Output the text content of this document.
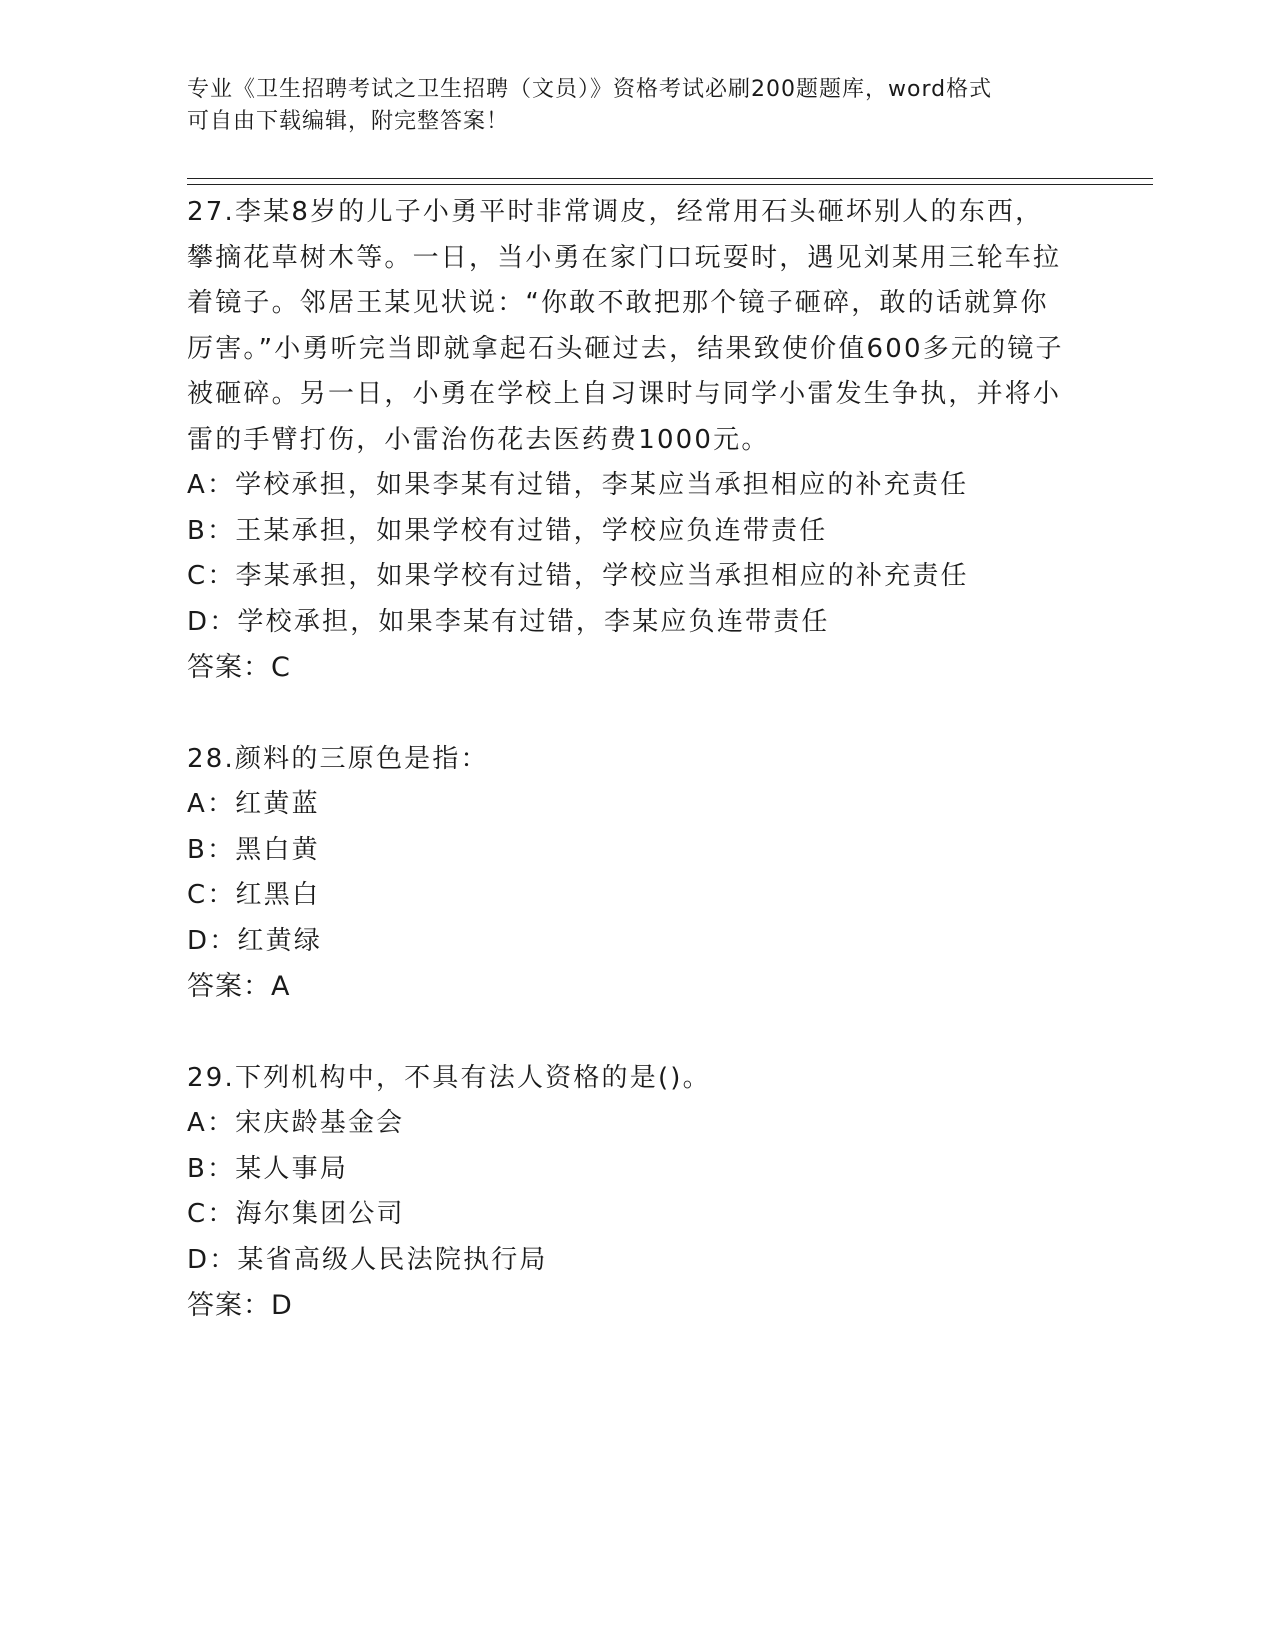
专业《卫生招聘考试之卫生招聘（文员）》资格考试必刷200题题库，word格式
可自由下载编辑，附完整答案！

27.李某8岁的儿子小勇平时非常调皮，经常用石头砸坏别人的东西，攀摘花草树木等。一日，当小勇在家门口玩耍时，遇见刘某用三轮车拉着镜子。邻居王某见状说：“你敢不敢把那个镜子砸碎，敢的话就算你厉害。”小勇听完当即就拿起石头砸过去，结果致使价值600多元的镜子被砸碎。另一日，小勇在学校上自习课时与同学小雷发生争执，并将小雷的手臂打伤，小雷治伤花去医药费1000元。

A：学校承担，如果李某有过错，李某应当承担相应的补充责任
B：王某承担，如果学校有过错，学校应负连带责任
C：李某承担，如果学校有过错，学校应当承担相应的补充责任
D：学校承担，如果李某有过错，李某应负连带责任

答案：C

28.颜料的三原色是指：

A：红黄蓝
B：黑白黄
C：红黑白
D：红黄绿

答案：A

29.下列机构中，不具有法人资格的是()。

A：宋庆龄基金会
B：某人事局
C：海尔集团公司
D：某省高级人民法院执行局

答案：D
